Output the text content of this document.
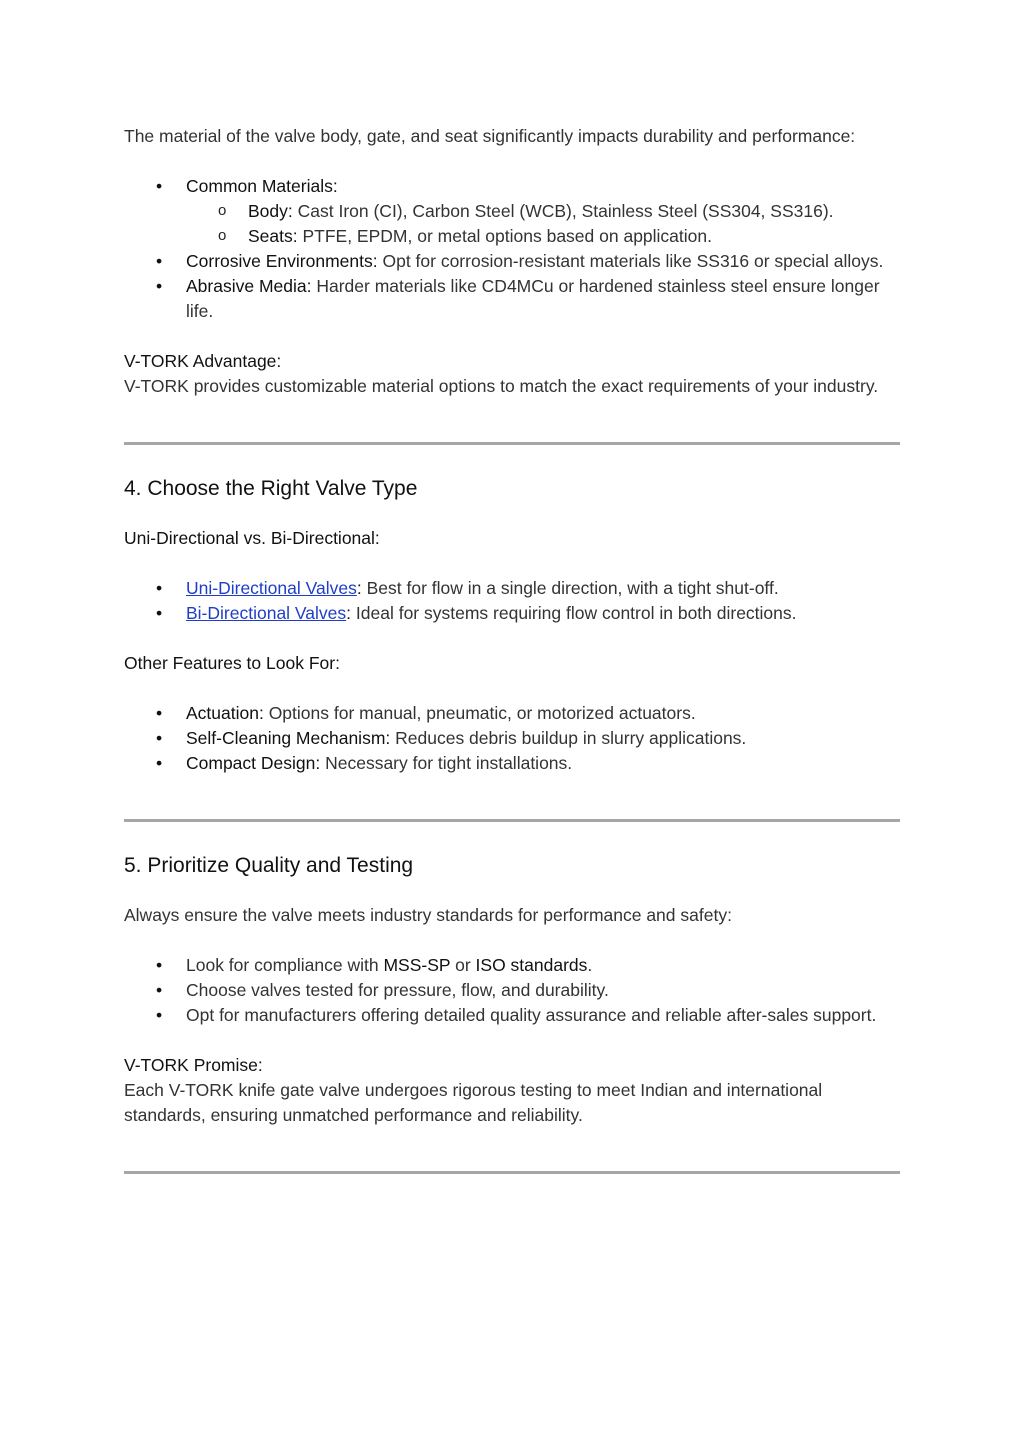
The material of the valve body, gate, and seat significantly impacts durability and performance:

• Common Materials:
o Body: Cast Iron (CI), Carbon Steel (WCB), Stainless Steel (SS304, SS316).
o Seats: PTFE, EPDM, or metal options based on application.
• Corrosive Environments: Opt for corrosion-resistant materials like SS316 or special alloys.
• Abrasive Media: Harder materials like CD4MCu or hardened stainless steel ensure longer life.

V-TORK Advantage:

V-TORK provides customizable material options to match the exact requirements of your industry.

4. Choose the Right Valve Type

Uni-Directional vs. Bi-Directional:

• Uni-Directional Valves: Best for flow in a single direction, with a tight shut-off.
• Bi-Directional Valves: Ideal for systems requiring flow control in both directions.

Other Features to Look For:

• Actuation: Options for manual, pneumatic, or motorized actuators.
• Self-Cleaning Mechanism: Reduces debris buildup in slurry applications.
• Compact Design: Necessary for tight installations.

5. Prioritize Quality and Testing

Always ensure the valve meets industry standards for performance and safety:

• Look for compliance with MSS-SP or ISO standards.
• Choose valves tested for pressure, flow, and durability.
• Opt for manufacturers offering detailed quality assurance and reliable after-sales support.

V-TORK Promise:

Each V-TORK knife gate valve undergoes rigorous testing to meet Indian and international standards, ensuring unmatched performance and reliability.
